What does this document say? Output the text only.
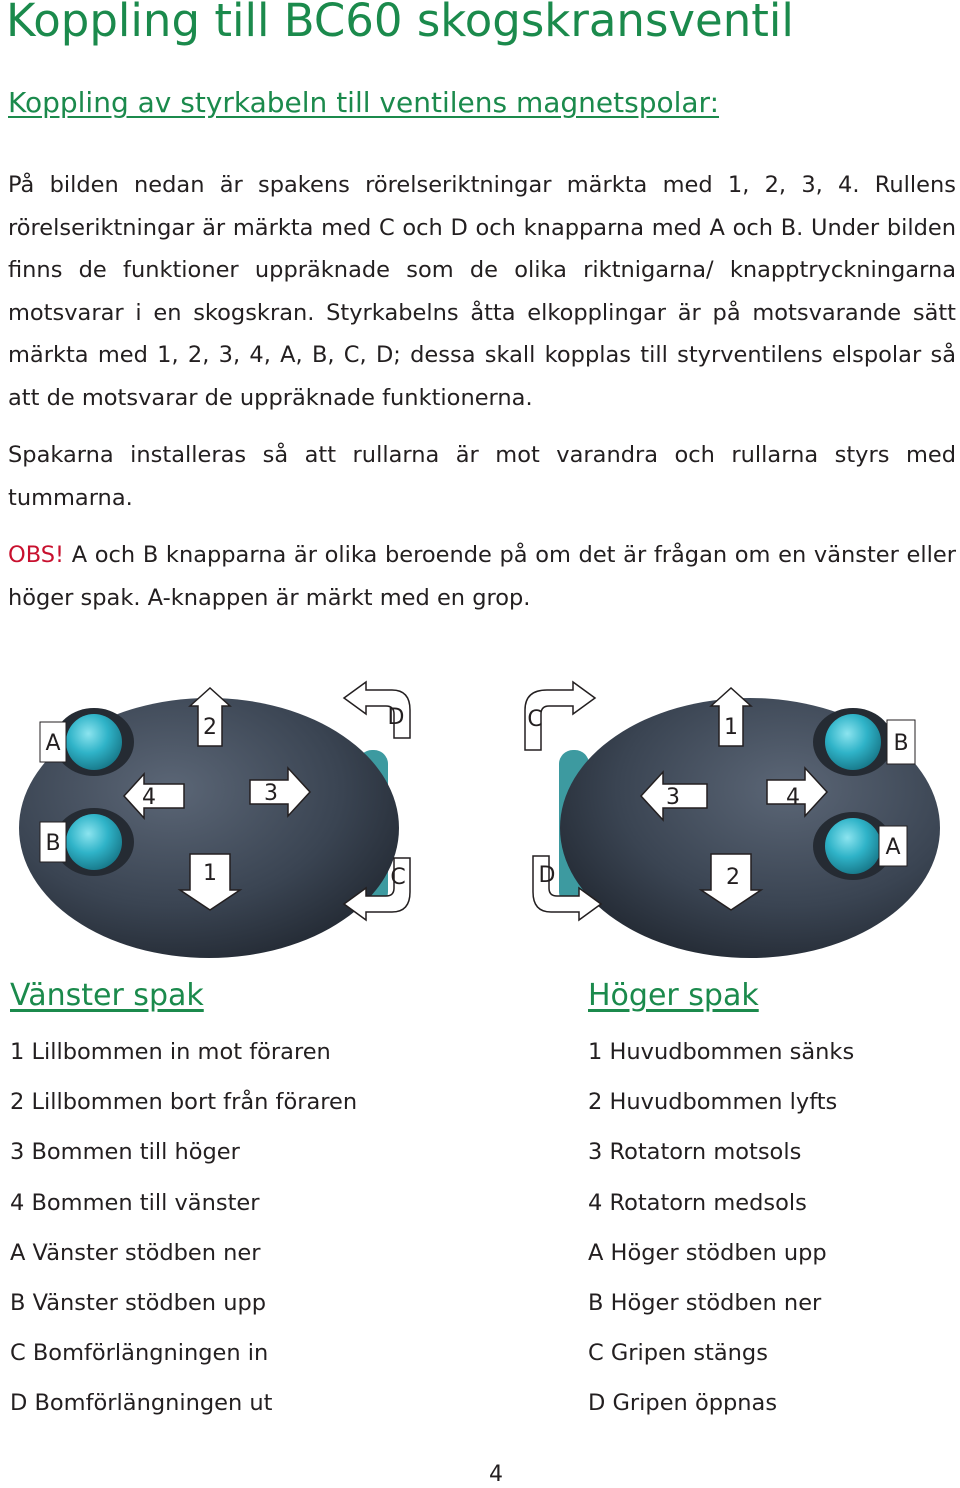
Koppling till BC60 skogskransventil
Koppling av styrkabeln till ventilens magnetspolar:

På bilden nedan är spakens rörelseriktningar märkta med 1, 2, 3, 4. Rullens rörelseriktningar är märkta med C och D och knapparna med A och B. Under bilden finns de funktioner uppräknade som de olika riktnigarna/ knapptryckningarna motsvarar i en skogskran. Styrkabelns åtta elkopplingar är på motsvarande sätt märkta med 1, 2, 3, 4, A, B, C, D; dessa skall kopplas till styrventilens elspolar så att de motsvarar de uppräknade funktionerna.

Spakarna installeras så att rullarna är mot varandra och rullarna styrs med tummarna.

OBS! A och B knapparna är olika beroende på om det är frågan om en vänster eller höger spak. A-knappen är märkt med en grop.

A
B
2
1
4	3
D
C
B
A
1
2
3	4
C
D
Vänster spak
1 Lillbommen in mot föraren
2 Lillbommen bort från föraren
3 Bommen till höger
4 Bommen till vänster
A Vänster stödben ner
B Vänster stödben upp
C Bomförlängningen in
D Bomförlängningen ut
Höger spak
1 Huvudbommen sänks
2 Huvudbommen lyfts
3 Rotatorn motsols
4 Rotatorn medsols
A Höger stödben upp
B Höger stödben ner
C Gripen stängs
D Gripen öppnas
4
